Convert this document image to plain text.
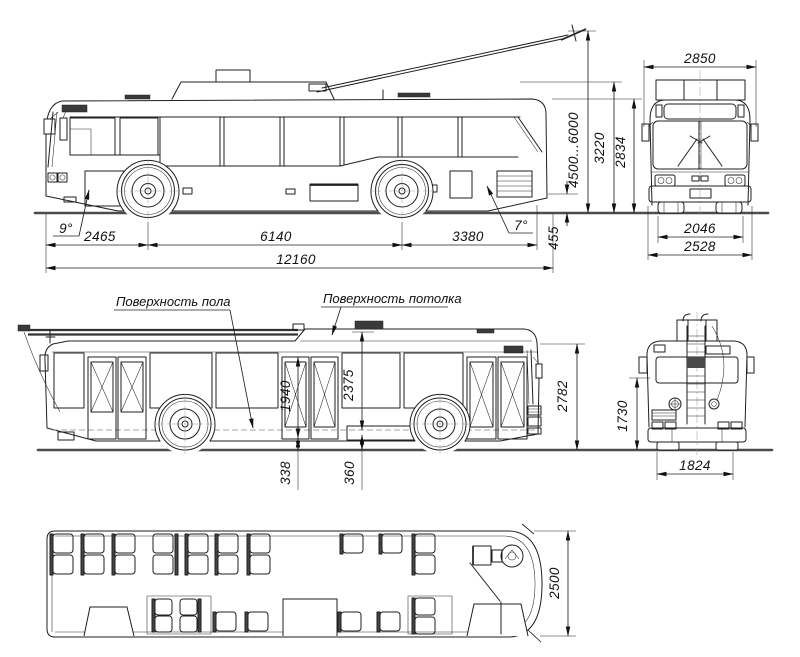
2465	6140	3380
12160
9°	7°
455
4500...6000 3220 2834
2850
2046
2528
Поверхность пола	Поверхность потолка
1940	2375
338	360
2782
1730
1824
2500
